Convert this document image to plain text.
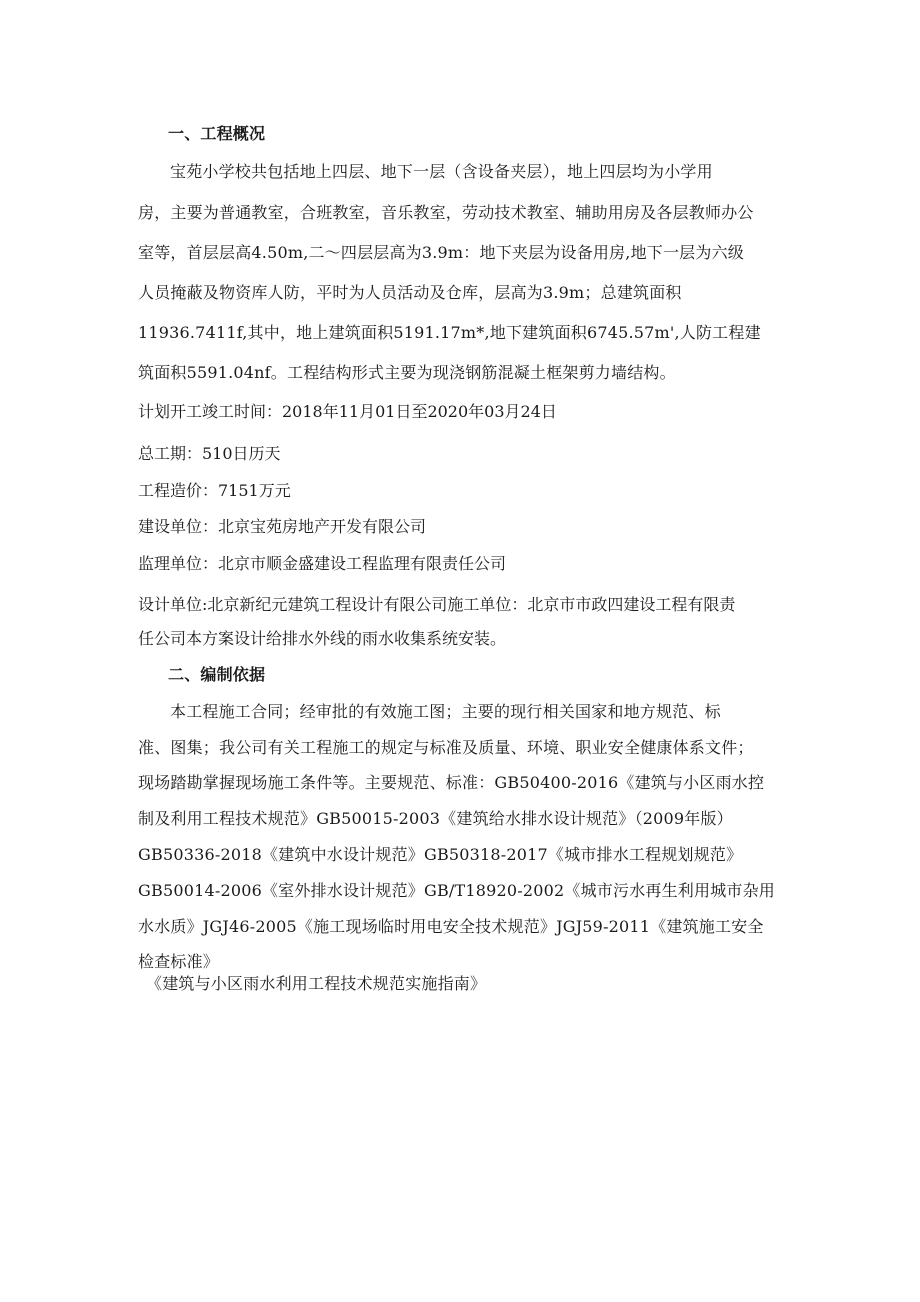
一、工程概况
宝苑小学校共包括地上四层、地下一层（含设备夹层），地上四层均为小学用
房，主要为普通教室，合班教室，音乐教室，劳动技术教室、辅助用房及各层教师办公
室等，首层层高4.50m,二～四层层高为3.9m：地下夹层为设备用房,地下一层为六级
人员掩蔽及物资库人防，平时为人员活动及仓库，层高为3.9m；总建筑面积
11936.7411f,其中，地上建筑面积5191.17m*,地下建筑面积6745.57m',人防工程建
筑面积5591.04nf。工程结构形式主要为现浇钢筋混凝土框架剪力墙结构。
计划开工竣工时间：2018年11月01日至2020年03月24日
总工期：510日历天
工程造价：7151万元
建设单位：北京宝苑房地产开发有限公司
监理单位：北京市顺金盛建设工程监理有限责任公司
设计单位:北京新纪元建筑工程设计有限公司施工单位：北京市市政四建设工程有限责
任公司本方案设计给排水外线的雨水收集系统安装。
二、编制依据
本工程施工合同；经审批的有效施工图；主要的现行相关国家和地方规范、标
准、图集；我公司有关工程施工的规定与标准及质量、环境、职业安全健康体系文件；
现场踏勘掌握现场施工条件等。主要规范、标准：GB50400-2016《建筑与小区雨水控
制及利用工程技术规范》GB50015-2003《建筑给水排水设计规范》（2009年版）
GB50336-2018《建筑中水设计规范》GB50318-2017《城市排水工程规划规范》
GB50014-2006《室外排水设计规范》GB/T18920-2002《城市污水再生利用城市杂用
水水质》JGJ46-2005《施工现场临时用电安全技术规范》JGJ59-2011《建筑施工安全
检查标准》
《建筑与小区雨水利用工程技术规范实施指南》
